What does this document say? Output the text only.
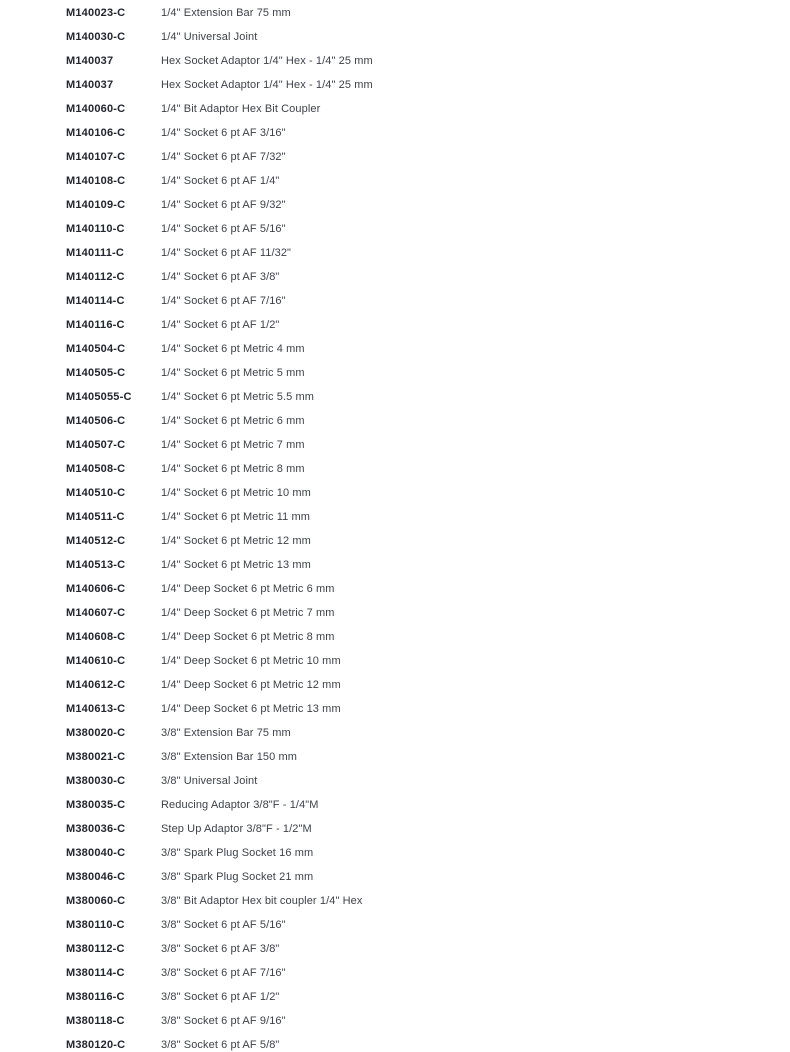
M140023-C	1/4" Extension Bar 75 mm
M140030-C	1/4" Universal Joint
M140037	Hex Socket Adaptor 1/4" Hex - 1/4" 25 mm
M140037	Hex Socket Adaptor 1/4" Hex - 1/4" 25 mm
M140060-C	1/4" Bit Adaptor Hex Bit Coupler
M140106-C	1/4" Socket 6 pt AF 3/16"
M140107-C	1/4" Socket 6 pt AF 7/32"
M140108-C	1/4" Socket 6 pt AF 1/4"
M140109-C	1/4" Socket 6 pt AF 9/32"
M140110-C	1/4" Socket 6 pt AF 5/16"
M140111-C	1/4" Socket 6 pt AF 11/32"
M140112-C	1/4" Socket 6 pt AF 3/8"
M140114-C	1/4" Socket 6 pt AF 7/16"
M140116-C	1/4" Socket 6 pt AF 1/2"
M140504-C	1/4" Socket 6 pt Metric 4 mm
M140505-C	1/4" Socket 6 pt Metric 5 mm
M1405055-C	1/4" Socket 6 pt Metric 5.5 mm
M140506-C	1/4" Socket 6 pt Metric 6 mm
M140507-C	1/4" Socket 6 pt Metric 7 mm
M140508-C	1/4" Socket 6 pt Metric 8 mm
M140510-C	1/4" Socket 6 pt Metric 10 mm
M140511-C	1/4" Socket 6 pt Metric 11 mm
M140512-C	1/4" Socket 6 pt Metric 12 mm
M140513-C	1/4" Socket 6 pt Metric 13 mm
M140606-C	1/4" Deep Socket 6 pt Metric 6 mm
M140607-C	1/4" Deep Socket 6 pt Metric 7 mm
M140608-C	1/4" Deep Socket 6 pt Metric 8 mm
M140610-C	1/4" Deep Socket 6 pt Metric 10 mm
M140612-C	1/4" Deep Socket 6 pt Metric 12 mm
M140613-C	1/4" Deep Socket 6 pt Metric 13 mm
M380020-C	3/8" Extension Bar 75 mm
M380021-C	3/8" Extension Bar 150 mm
M380030-C	3/8" Universal Joint
M380035-C	Reducing Adaptor 3/8"F - 1/4"M
M380036-C	Step Up Adaptor 3/8"F - 1/2"M
M380040-C	3/8" Spark Plug Socket 16 mm
M380046-C	3/8" Spark Plug Socket 21 mm
M380060-C	3/8" Bit Adaptor Hex bit coupler 1/4" Hex
M380110-C	3/8" Socket 6 pt AF 5/16"
M380112-C	3/8" Socket 6 pt AF 3/8"
M380114-C	3/8" Socket 6 pt AF 7/16"
M380116-C	3/8" Socket 6 pt AF 1/2"
M380118-C	3/8" Socket 6 pt AF 9/16"
M380120-C	3/8" Socket 6 pt AF 5/8"
